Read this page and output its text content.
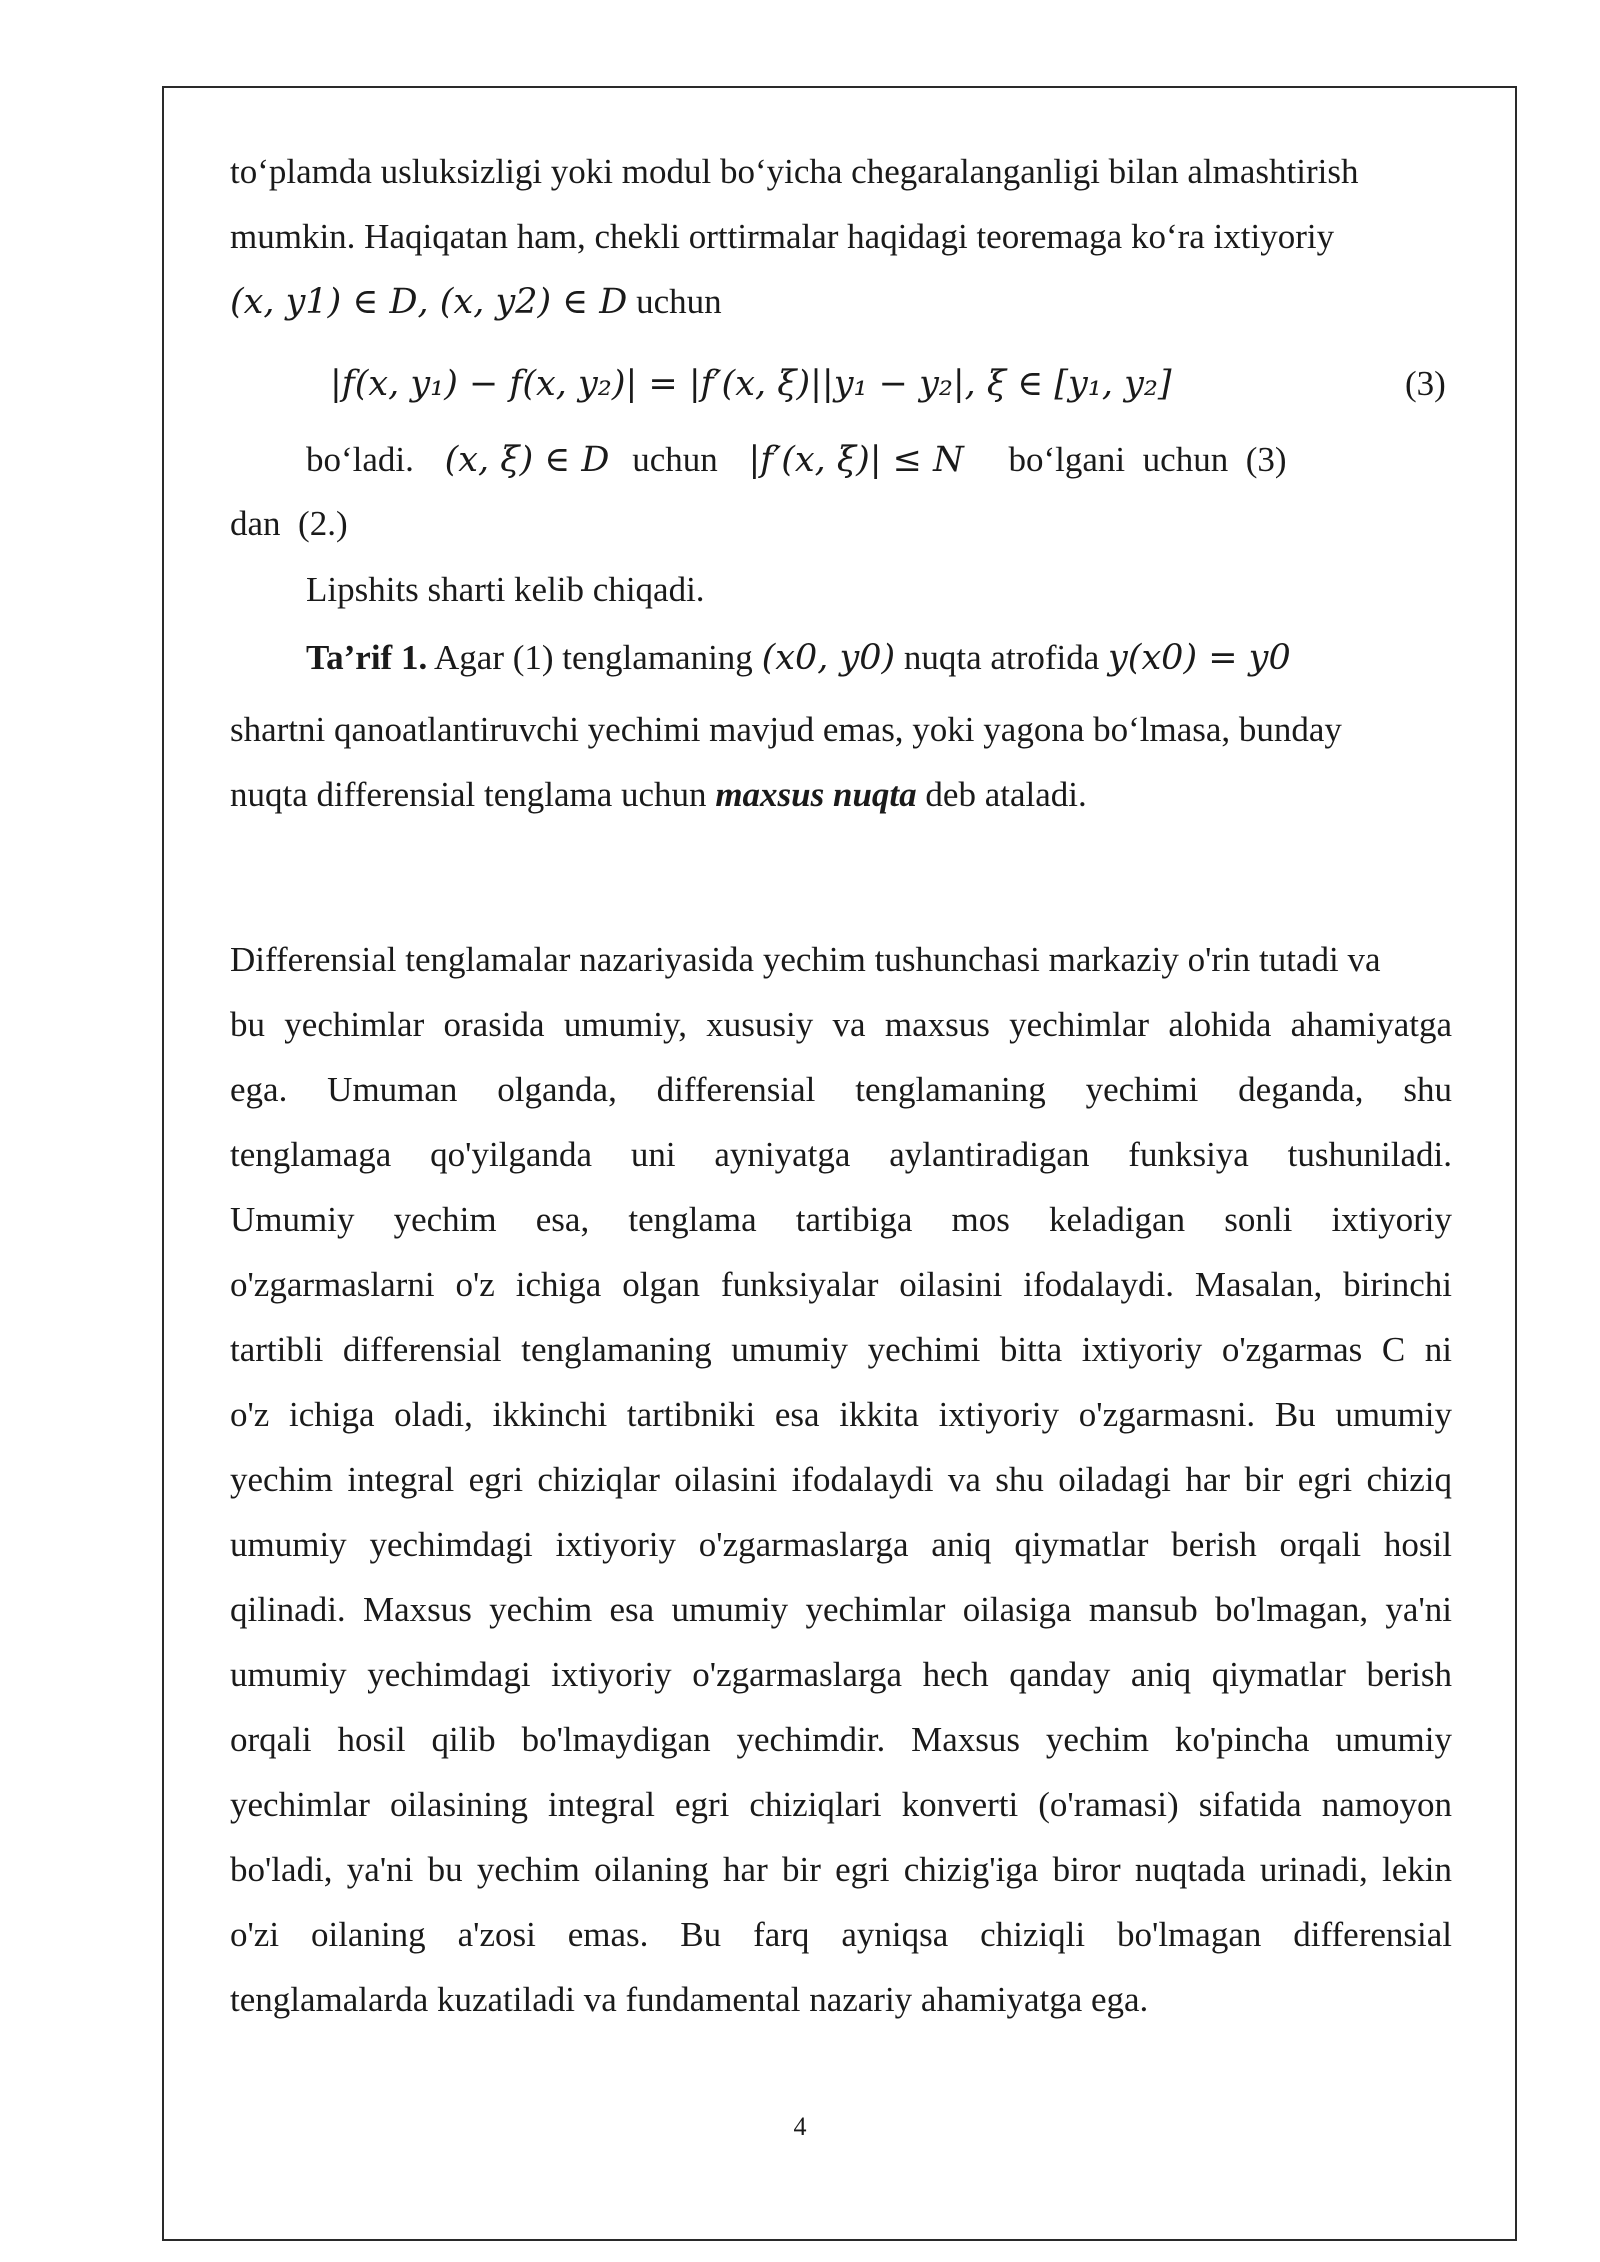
to‘plamda usluksizligi yoki modul bo‘yicha chegaralanganligi bilan almashtirish
mumkin. Haqiqatan ham, chekli orttirmalar haqidagi teoremaga ko‘ra ixtiyoriy
(𝑥, 𝑦1) ∈ 𝐷, (𝑥, 𝑦2) ∈ 𝐷 uchun
|𝑓(𝑥, 𝑦₁) − 𝑓(𝑥, 𝑦₂)| = |𝑓′(𝑥, 𝜉)||𝑦₁ − 𝑦₂|, 𝜉 ∈ [𝑦₁, 𝑦₂]	(3)
bo‘ladi. (𝑥, 𝜉) ∈ 𝐷 uchun |𝑓′(𝑥, 𝜉)| ≤ 𝑁 bo‘lgani  uchun  (3)
dan  (2.)
Lipshits sharti kelib chiqadi.
Ta’rif 1. Agar (1) tenglamaning (𝑥0, 𝑦0) nuqta atrofida 𝑦(𝑥0) = 𝑦0
shartni qanoatlantiruvchi yechimi mavjud emas, yoki yagona bo‘lmasa, bunday
nuqta differensial tenglama uchun maxsus nuqta deb ataladi.
Differensial tenglamalar nazariyasida yechim tushunchasi markaziy o'rin tutadi va
bu yechimlar orasida umumiy, xususiy va maxsus yechimlar alohida ahamiyatga
ega. Umuman olganda, differensial tenglamaning yechimi deganda, shu
tenglamaga qo'yilganda uni ayniyatga aylantiradigan funksiya tushuniladi.
Umumiy yechim esa, tenglama tartibiga mos keladigan sonli ixtiyoriy
o'zgarmaslarni o'z ichiga olgan funksiyalar oilasini ifodalaydi. Masalan, birinchi
tartibli differensial tenglamaning umumiy yechimi bitta ixtiyoriy o'zgarmas C ni
o'z ichiga oladi, ikkinchi tartibniki esa ikkita ixtiyoriy o'zgarmasni. Bu umumiy
yechim integral egri chiziqlar oilasini ifodalaydi va shu oiladagi har bir egri chiziq
umumiy yechimdagi ixtiyoriy o'zgarmaslarga aniq qiymatlar berish orqali hosil
qilinadi. Maxsus yechim esa umumiy yechimlar oilasiga mansub bo'lmagan, ya'ni
umumiy yechimdagi ixtiyoriy o'zgarmaslarga hech qanday aniq qiymatlar berish
orqali hosil qilib bo'lmaydigan yechimdir. Maxsus yechim ko'pincha umumiy
yechimlar oilasining integral egri chiziqlari konverti (o'ramasi) sifatida namoyon
bo'ladi, ya'ni bu yechim oilaning har bir egri chizig'iga biror nuqtada urinadi, lekin
o'zi oilaning a'zosi emas. Bu farq ayniqsa chiziqli bo'lmagan differensial
tenglamalarda kuzatiladi va fundamental nazariy ahamiyatga ega.
4
